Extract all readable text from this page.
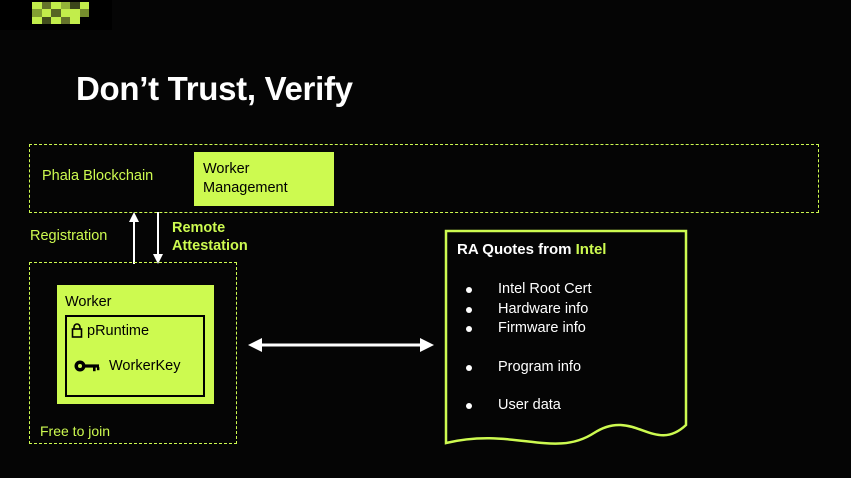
Don’t Trust, Verify
Phala Blockchain	Worker
Management
Registration	Remote
Attestation
Worker
pRuntime
WorkerKey
Free to join
RA Quotes from Intel
Intel Root Cert
Hardware info
Firmware info
Program info
User data
